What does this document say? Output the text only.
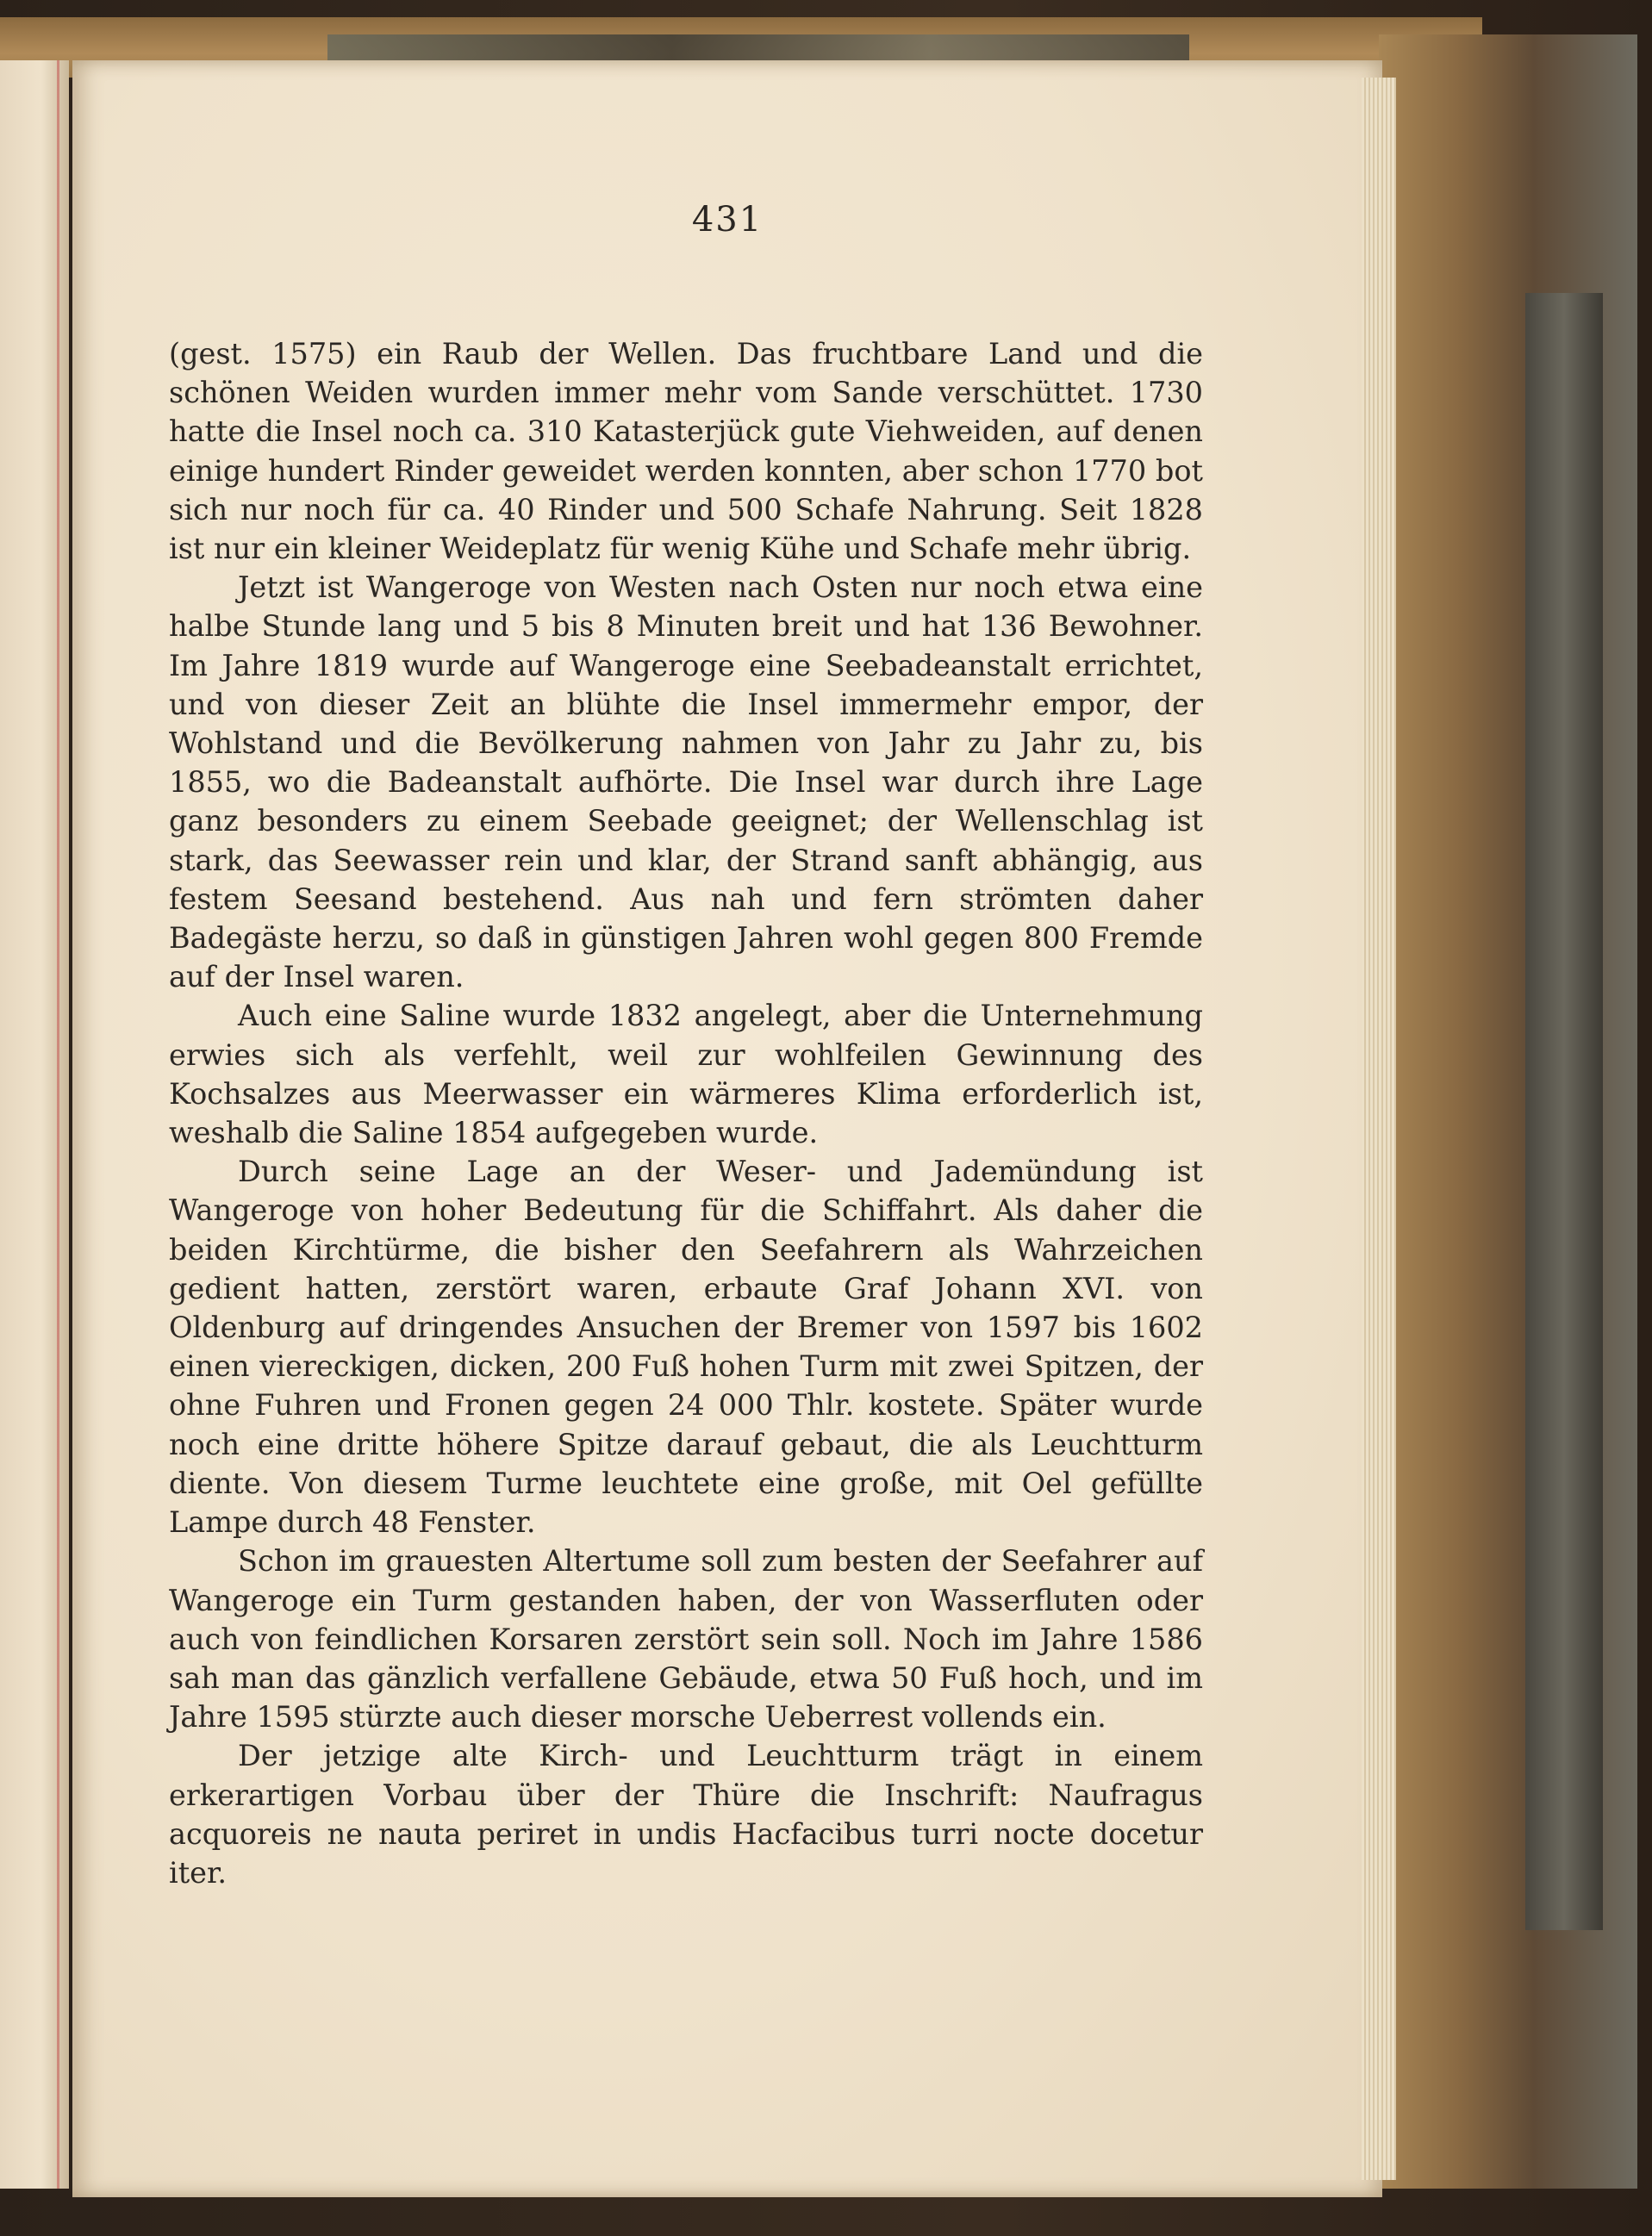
431

(gest. 1575) ein Raub der Wellen. Das fruchtbare Land und die schönen Weiden wurden immer mehr vom Sande verschüttet. 1730 hatte die Insel noch ca. 310 Katasterjück gute Viehweiden, auf denen einige hundert Rinder geweidet werden konnten, aber schon 1770 bot sich nur noch für ca. 40 Rinder und 500 Schafe Nahrung. Seit 1828 ist nur ein kleiner Weideplatz für wenig Kühe und Schafe mehr übrig.

Jetzt ist Wangeroge von Westen nach Osten nur noch etwa eine halbe Stunde lang und 5 bis 8 Minuten breit und hat 136 Bewohner. Im Jahre 1819 wurde auf Wangeroge eine Seebadeanstalt errichtet, und von dieser Zeit an blühte die Insel immermehr empor, der Wohlstand und die Bevölkerung nahmen von Jahr zu Jahr zu, bis 1855, wo die Badeanstalt aufhörte. Die Insel war durch ihre Lage ganz besonders zu einem Seebade geeignet; der Wellenschlag ist stark, das Seewasser rein und klar, der Strand sanft abhängig, aus festem Seesand bestehend. Aus nah und fern strömten daher Badegäste herzu, so daß in günstigen Jahren wohl gegen 800 Fremde auf der Insel waren.

Auch eine Saline wurde 1832 angelegt, aber die Unternehmung erwies sich als verfehlt, weil zur wohlfeilen Gewinnung des Kochsalzes aus Meerwasser ein wärmeres Klima erforderlich ist, weshalb die Saline 1854 aufgegeben wurde.

Durch seine Lage an der Weser- und Jademündung ist Wangeroge von hoher Bedeutung für die Schiffahrt. Als daher die beiden Kirchtürme, die bisher den Seefahrern als Wahrzeichen gedient hatten, zerstört waren, erbaute Graf Johann XVI. von Oldenburg auf dringendes Ansuchen der Bremer von 1597 bis 1602 einen viereckigen, dicken, 200 Fuß hohen Turm mit zwei Spitzen, der ohne Fuhren und Fronen gegen 24 000 Thlr. kostete. Später wurde noch eine dritte höhere Spitze darauf gebaut, die als Leuchtturm diente. Von diesem Turme leuchtete eine große, mit Oel gefüllte Lampe durch 48 Fenster.

Schon im grauesten Altertume soll zum besten der Seefahrer auf Wangeroge ein Turm gestanden haben, der von Wasserfluten oder auch von feindlichen Korsaren zerstört sein soll. Noch im Jahre 1586 sah man das gänzlich verfallene Gebäude, etwa 50 Fuß hoch, und im Jahre 1595 stürzte auch dieser morsche Ueberrest vollends ein.

Der jetzige alte Kirch- und Leuchtturm trägt in einem erkerartigen Vorbau über der Thüre die Inschrift: Naufragus acquoreis ne nauta periret in undis Hacfacibus turri nocte docetur iter.
